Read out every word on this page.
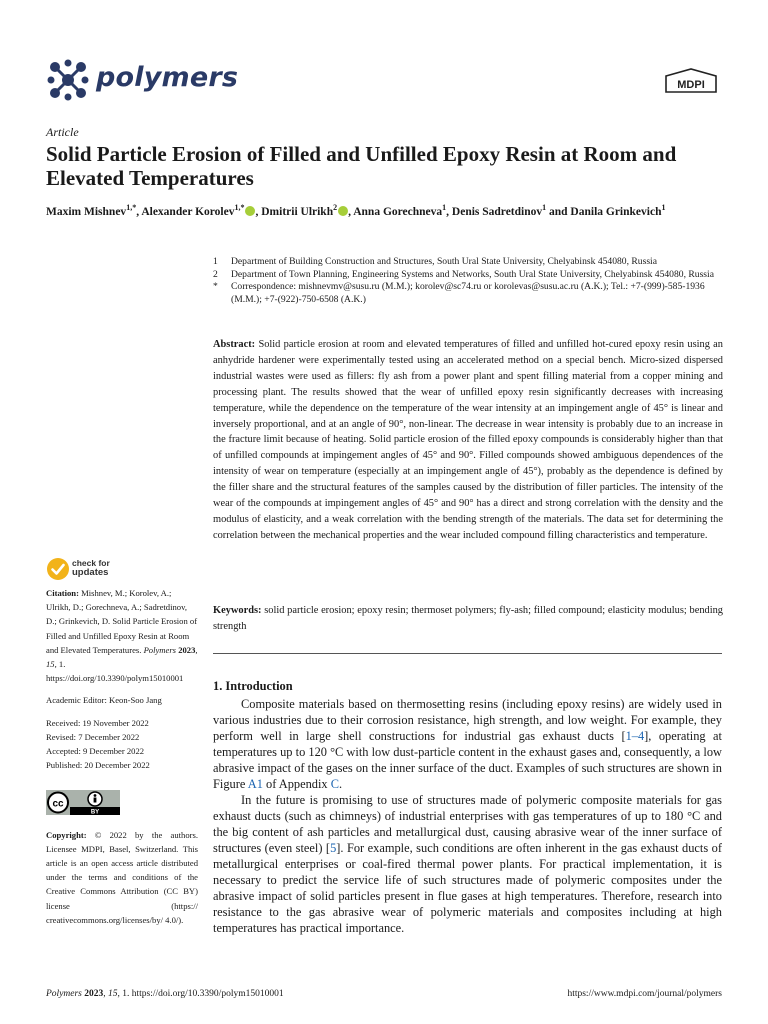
polymers	MDPI
Article
Solid Particle Erosion of Filled and Unfilled Epoxy Resin at Room and Elevated Temperatures
Maxim Mishnev$^{1,*}$, Alexander Korolev$^{1,*}$ , Dmitrii Ulrikh$^2$ , Anna Gorechneva$^1$, Denis Sadretdinov$^1$ and Danila Grinkevich$^1$
1 Department of Building Construction and Structures, South Ural State University, Chelyabinsk 454080, Russia
2 Department of Town Planning, Engineering Systems and Networks, South Ural State University, Chelyabinsk 454080, Russia
* Correspondence: mishnevmv@susu.ru (M.M.); korolev@sc74.ru or korolevas@susu.ac.ru (A.K.); Tel.: +7-(999)-585-1936 (M.M.); +7-(922)-750-6508 (A.K.)

Abstract: Solid particle erosion at room and elevated temperatures of filled and unfilled hot-cured epoxy resin using an anhydride hardener were experimentally tested using an accelerated method on a special bench. Micro-sized dispersed industrial wastes were used as fillers: fly ash from a power plant and spent filling material from a copper mining and processing plant. The results showed that the wear of unfilled epoxy resin significantly decreases with increasing temperature, while the dependence on the temperature of the wear intensity at an impingement angle of 45° is linear and inversely proportional, and at an angle of 90°, non-linear. The decrease in wear intensity is probably due to an increase in the fracture limit because of heating. Solid particle erosion of the filled epoxy compounds is considerably higher than that of unfilled compounds at impingement angles of 45° and 90°. Filled compounds showed ambiguous dependences of the intensity of wear on temperature (especially at an impingement angle of 45°), probably as the dependence is defined by the filler share and the structural features of the samples caused by the distribution of filler particles. The intensity of the wear of the compounds at impingement angles of 45° and 90° has a direct and strong correlation with the density and the modulus of elasticity, and a weak correlation with the bending strength of the materials. The data set for determining the correlation between the mechanical properties and the wear included compound filling characteristics and temperature.

Keywords: solid particle erosion; epoxy resin; thermoset polymers; fly-ash; filled compound; elasticity modulus; bending strength

check for
updates
Citation: Mishnev, M.; Korolev, A.; Ulrikh, D.; Gorechneva, A.; Sadretdinov, D.; Grinkevich, D. Solid Particle Erosion of Filled and Unfilled Epoxy Resin at Room and Elevated Temperatures. Polymers 2023, 15, 1. https://doi.org/10.3390/polym15010001
Academic Editor: Keon-Soo Jang
Received: 19 November 2022
Revised: 7 December 2022
Accepted: 9 December 2022
Published: 20 December 2022
cc
BY
Copyright: © 2022 by the authors. Licensee MDPI, Basel, Switzerland. This article is an open access article distributed under the terms and conditions of the Creative Commons Attribution (CC BY) license (https:// creativecommons.org/licenses/by/ 4.0/).
1. Introduction

Composite materials based on thermosetting resins (including epoxy resins) are widely used in various industries due to their corrosion resistance, high strength, and low weight. For example, they perform well in large shell constructions for industrial gas exhaust ducts [1–4], operating at temperatures up to 120 °C with low dust-particle content in the exhaust gases and, consequently, a low abrasive impact of the gases on the inner surface of the duct. Examples of such structures are shown in Figure A1 of Appendix C.

In the future is promising to use of structures made of polymeric composite materials for gas exhaust ducts (such as chimneys) of industrial enterprises with gas temperatures of up to 180 °C and the big content of ash particles and metallurgical dust, causing abrasive wear of the inner surface of structures (even steel) [5]. For example, such conditions are often inherent in the gas exhaust ducts of metallurgical enterprises or coal-fired thermal power plants. For practical implementation, it is necessary to predict the service life of such structures made of polymeric composites under the abrasive impact of solid particles present in flue gases at high temperatures. Therefore, research into resistance to the gas abrasive wear of polymeric materials and composites including at high temperatures has practical importance.

Polymers 2023, 15, 1. https://doi.org/10.3390/polym15010001	https://www.mdpi.com/journal/polymers
